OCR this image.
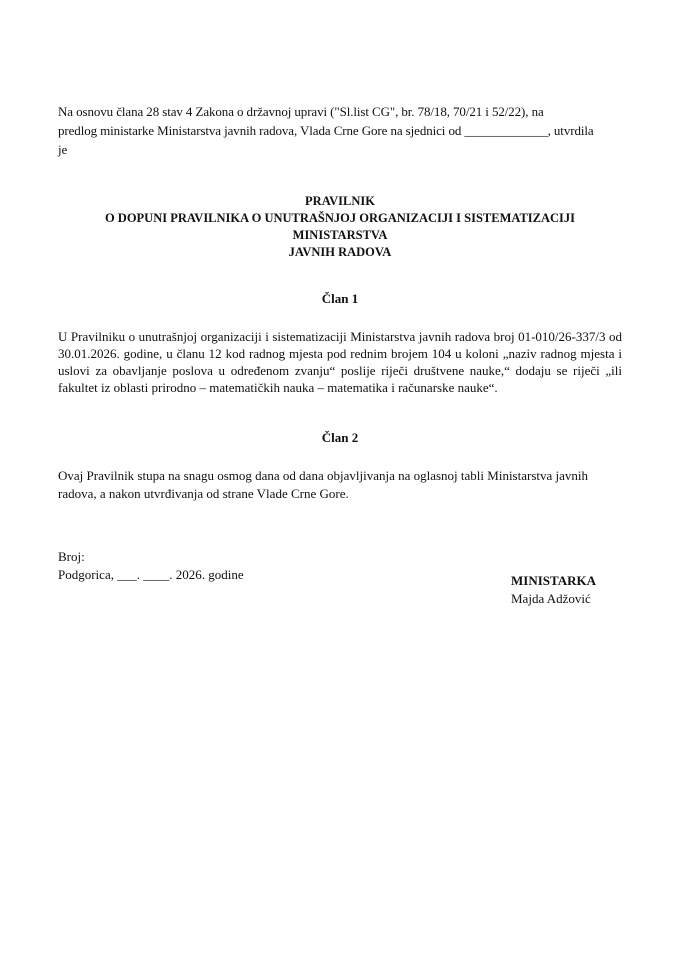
Na osnovu člana 28 stav 4 Zakona o državnoj upravi ("Sl.list CG", br. 78/18, 70/21 i 52/22), na

predlog ministarke Ministarstva javnih radova, Vlada Crne Gore na sjednici od _____________, utvrdila

je

PRAVILNIK

O DOPUNI PRAVILNIKA O UNUTRAŠNJOJ ORGANIZACIJI I SISTEMATIZACIJI MINISTARSTVA

JAVNIH RADOVA

Član 1

U Pravilniku o unutrašnjoj organizaciji i sistematizaciji Ministarstva javnih radova broj 01-010/26-337/3 od 30.01.2026. godine, u članu 12 kod radnog mjesta pod rednim brojem 104 u koloni „naziv radnog mjesta i uslovi za obavljanje poslova u određenom zvanju“ poslije riječi društvene nauke,“ dodaju se riječi „ili fakultet iz oblasti prirodno – matematičkih nauka – matematika i računarske nauke“.

Član 2

Ovaj Pravilnik stupa na snagu osmog dana od dana objavljivanja na oglasnoj tabli Ministarstva javnih radova, a nakon utvrđivanja od strane Vlade Crne Gore.

Broj:

Podgorica, ___. ____. 2026. godine	MINISTARKA

Majda Adžović
